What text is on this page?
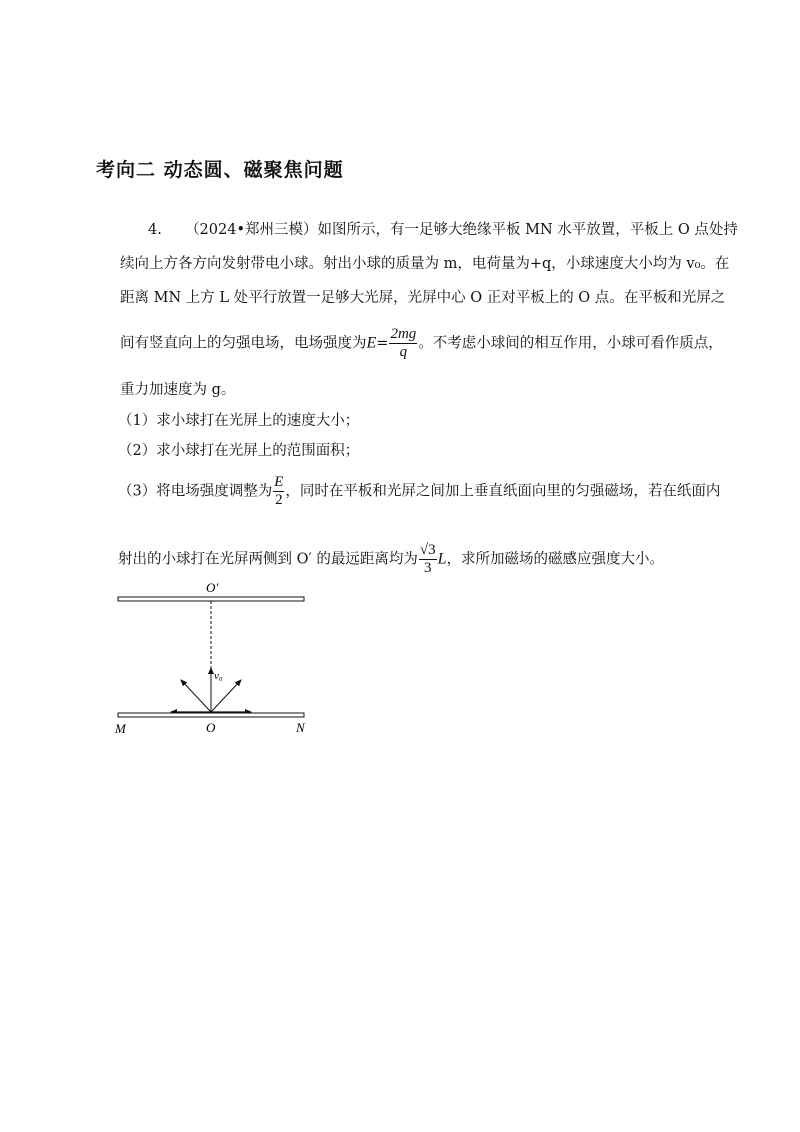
考向二 动态圆、磁聚焦问题
4. （2024•郑州三模）如图所示，有一足够大绝缘平板 MN 水平放置，平板上 O 点处持
续向上方各方向发射带电小球。射出小球的质量为 m，电荷量为+q，小球速度大小均为 v₀。在
距离 MN 上方 L 处平行放置一足够大光屏，光屏中心 O 正对平板上的 O 点。在平板和光屏之
间有竖直向上的匀强电场，电场强度为$E= \frac{2mg}{q}$ 。不考虑小球间的相互作用，小球可看作质点，
重力加速度为 g。
（1）求小球打在光屏上的速度大小；
（2）求小球打在光屏上的范围面积；
（3）将电场强度调整为 $\frac{E}{2}$ ，同时在平板和光屏之间加上垂直纸面向里的匀强磁场，若在纸面内
射出的小球打在光屏两侧到 O′ 的最远距离均为 $\frac{√3}{3}$ L，求所加磁场的磁感应强度大小。
O′
v₀
M	O	N
